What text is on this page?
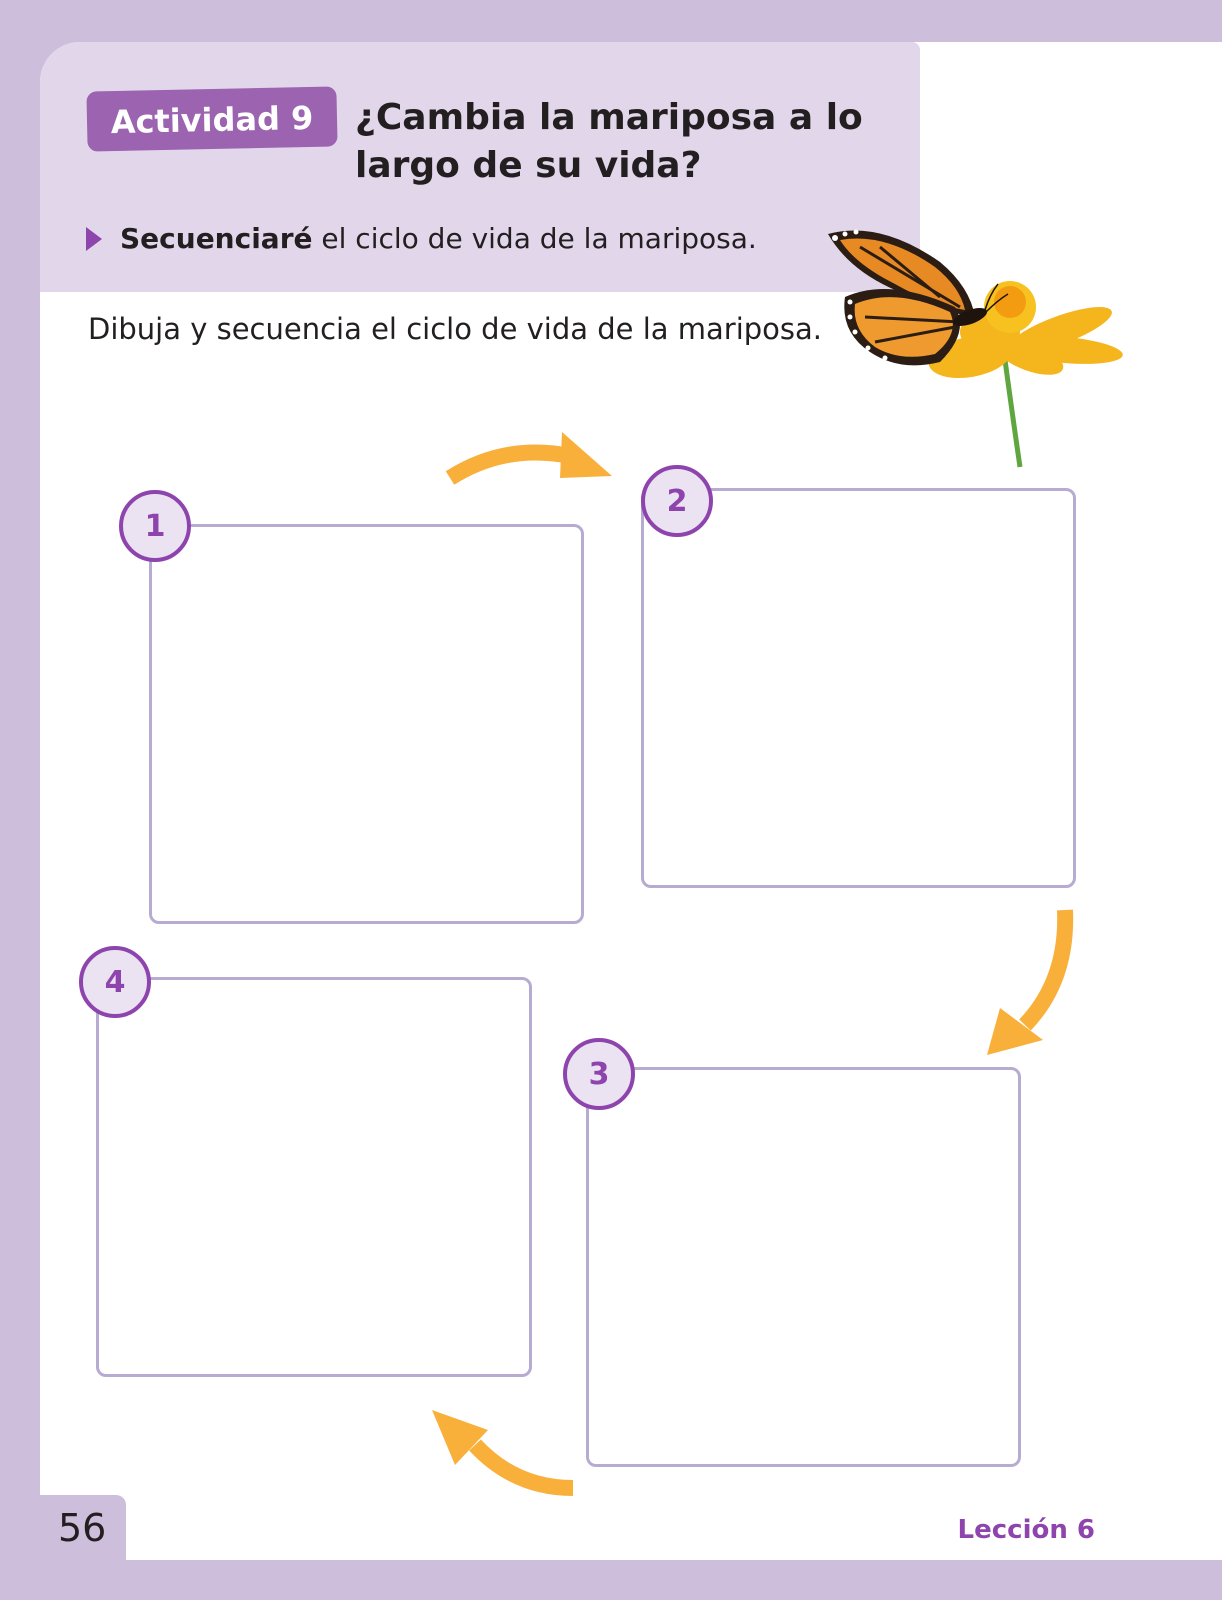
Actividad 9	¿Cambia la mariposa a lo
largo de su vida?
Secuenciaré el ciclo de vida de la mariposa.
Dibuja y secuencia el ciclo de vida de la mariposa.
1
2
3
4
56	Lección 6
